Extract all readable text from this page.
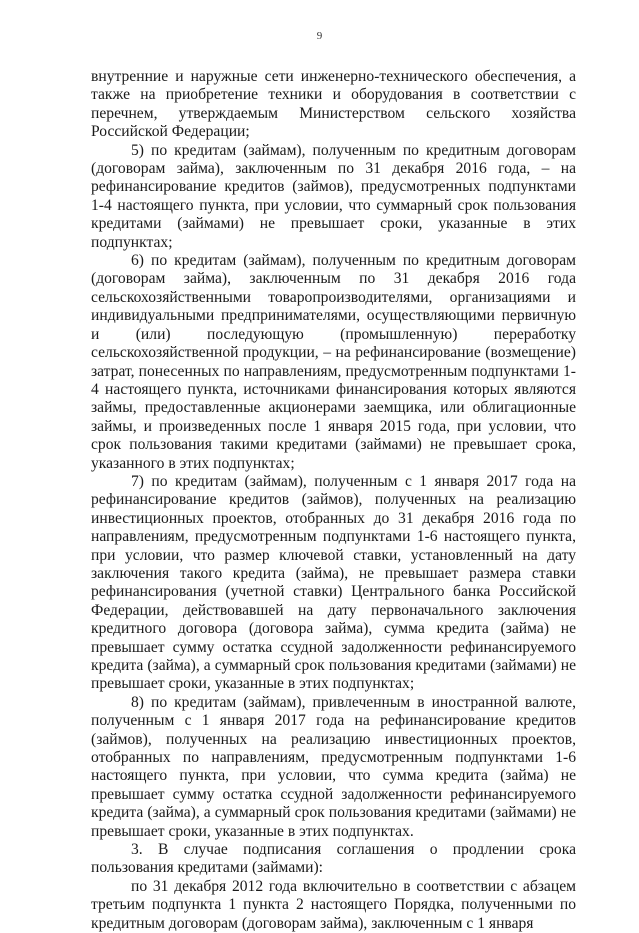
9

внутренние и наружные сети инженерно-технического обеспечения, а также на приобретение техники и оборудования в соответствии с перечнем, утверждаемым Министерством сельского хозяйства Российской Федерации;

5) по кредитам (займам), полученным по кредитным договорам (договорам займа), заключенным по 31 декабря 2016 года, – на рефинансирование кредитов (займов), предусмотренных подпунктами 1-4 настоящего пункта, при условии, что суммарный срок пользования кредитами (займами) не превышает сроки, указанные в этих подпунктах;

6) по кредитам (займам), полученным по кредитным договорам (договорам займа), заключенным по 31 декабря 2016 года сельскохозяйственными товаропроизводителями, организациями и индивидуальными предпринимателями, осуществляющими первичную и (или) последующую (промышленную) переработку сельскохозяйственной продукции, – на рефинансирование (возмещение) затрат, понесенных по направлениям, предусмотренным подпунктами 1-4 настоящего пункта, источниками финансирования которых являются займы, предоставленные акционерами заемщика, или облигационные займы, и произведенных после 1 января 2015 года, при условии, что срок пользования такими кредитами (займами) не превышает срока, указанного в этих подпунктах;

7) по кредитам (займам), полученным с 1 января 2017 года на рефинансирование кредитов (займов), полученных на реализацию инвестиционных проектов, отобранных до 31 декабря 2016 года по направлениям, предусмотренным подпунктами 1-6 настоящего пункта, при условии, что размер ключевой ставки, установленный на дату заключения такого кредита (займа), не превышает размера ставки рефинансирования (учетной ставки) Центрального банка Российской Федерации, действовавшей на дату первоначального заключения кредитного договора (договора займа), сумма кредита (займа) не превышает сумму остатка ссудной задолженности рефинансируемого кредита (займа), а суммарный срок пользования кредитами (займами) не превышает сроки, указанные в этих подпунктах;

8) по кредитам (займам), привлеченным в иностранной валюте, полученным с 1 января 2017 года на рефинансирование кредитов (займов), полученных на реализацию инвестиционных проектов, отобранных по направлениям, предусмотренным подпунктами 1-6 настоящего пункта, при условии, что сумма кредита (займа) не превышает сумму остатка ссудной задолженности рефинансируемого кредита (займа), а суммарный срок пользования кредитами (займами) не превышает сроки, указанные в этих подпунктах.

3. В случае подписания соглашения о продлении срока пользования кредитами (займами):

по 31 декабря 2012 года включительно в соответствии с абзацем третьим подпункта 1 пункта 2 настоящего Порядка, полученными по кредитным договорам (договорам займа), заключенным с 1 января
